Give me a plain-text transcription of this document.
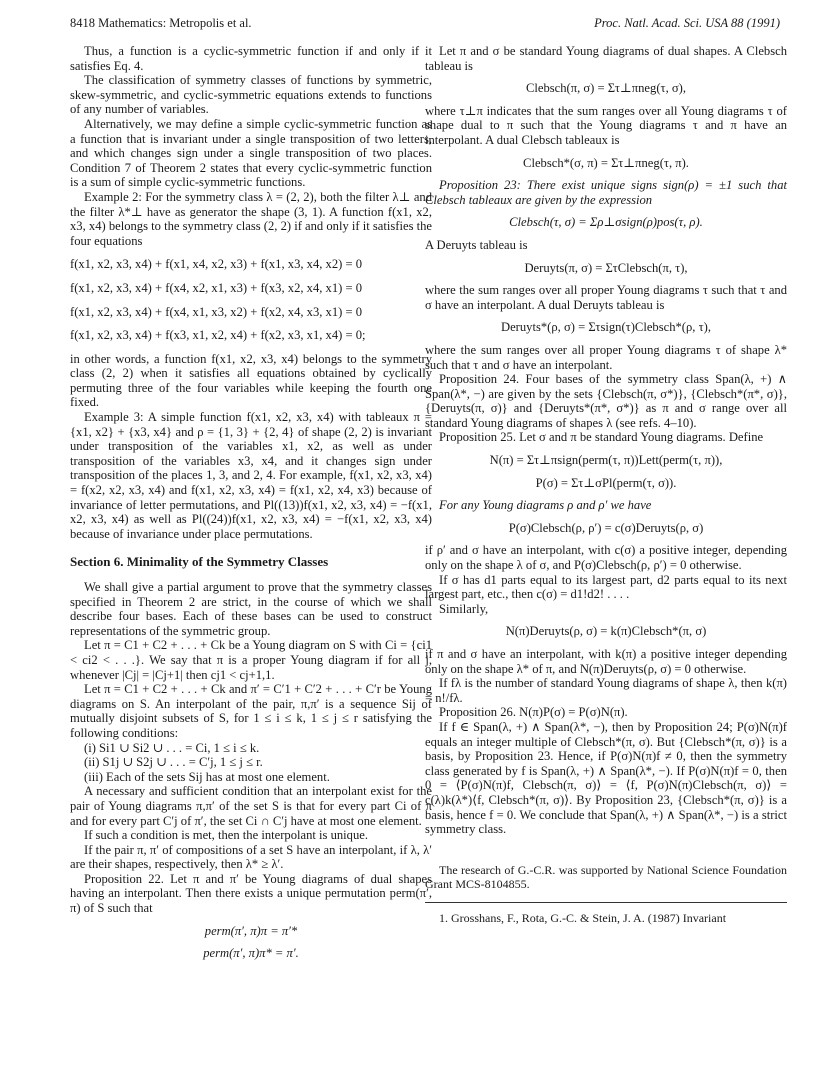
8418 Mathematics: Metropolis et al.	Proc. Natl. Acad. Sci. USA 88 (1991)

Thus, a function is a cyclic-symmetric function if and only if it satisfies Eq. 4.

The classification of symmetry classes of functions by symmetric, skew-symmetric, and cyclic-symmetric equations extends to functions of any number of variables.

Alternatively, we may define a simple cyclic-symmetric function as a function that is invariant under a single transposition of two letters, and which changes sign under a single transposition of two places. Condition 7 of Theorem 2 states that every cyclic-symmetric function is a sum of simple cyclic-symmetric functions.

Example 2: For the symmetry class λ = (2, 2), both the filter λ⊥ and the filter λ*⊥ have as generator the shape (3, 1). A function f(x1, x2, x3, x4) belongs to the symmetry class (2, 2) if and only if it satisfies the four equations

f(x1, x2, x3, x4) + f(x1, x4, x2, x3) + f(x1, x3, x4, x2) = 0

f(x1, x2, x3, x4) + f(x4, x2, x1, x3) + f(x3, x2, x4, x1) = 0

f(x1, x2, x3, x4) + f(x4, x1, x3, x2) + f(x2, x4, x3, x1) = 0

f(x1, x2, x3, x4) + f(x3, x1, x2, x4) + f(x2, x3, x1, x4) = 0;

in other words, a function f(x1, x2, x3, x4) belongs to the symmetry class (2, 2) when it satisfies all equations obtained by cyclically permuting three of the four variables while keeping the fourth one fixed.

Example 3: A simple function f(x1, x2, x3, x4) with tableaux π = {x1, x2} + {x3, x4} and ρ = {1, 3} + {2, 4} of shape (2, 2) is invariant under transposition of the variables x1, x2, as well as under transposition of the variables x3, x4, and it changes sign under transposition of the places 1, 3, and 2, 4. For example, f(x1, x2, x3, x4) = f(x2, x2, x3, x4) and f(x1, x2, x3, x4) = f(x1, x2, x4, x3) because of invariance of letter permutations, and Pl((13))f(x1, x2, x3, x4) = −f(x1, x2, x3, x4) as well as Pl((24))f(x1, x2, x3, x4) = −f(x1, x2, x3, x4) because of invariance under place permutations.

Section 6. Minimality of the Symmetry Classes

We shall give a partial argument to prove that the symmetry classes specified in Theorem 2 are strict, in the course of which we shall describe four bases. Each of these bases can be used to construct representations of the symmetric group.

Let π = C1 + C2 + . . . + Ck be a Young diagram on S with Ci = {ci1 < ci2 < . . .}. We say that π is a proper Young diagram if for all j, whenever |Cj| = |Cj+1| then cj1 < cj+1,1.

Let π = C1 + C2 + . . . + Ck and π′ = C′1 + C′2 + . . . + C′r be Young diagrams on S. An interpolant of the pair, π,π′ is a sequence Sij of mutually disjoint subsets of S, for 1 ≤ i ≤ k, 1 ≤ j ≤ r satisfying the following conditions:

(i) Si1 ∪ Si2 ∪ . . . = Ci, 1 ≤ i ≤ k.

(ii) S1j ∪ S2j ∪ . . . = C′j, 1 ≤ j ≤ r.

(iii) Each of the sets Sij has at most one element.

A necessary and sufficient condition that an interpolant exist for the pair of Young diagrams π,π′ of the set S is that for every part Ci of π and for every part C′j of π′, the set Ci ∩ C′j have at most one element.

If such a condition is met, then the interpolant is unique.

If the pair π, π′ of compositions of a set S have an interpolant, if λ, λ′ are their shapes, respectively, then λ* ≥ λ′.

Proposition 22. Let π and π′ be Young diagrams of dual shapes having an interpolant. Then there exists a unique permutation perm(π′, π) of S such that

perm(π′, π)π = π′*

perm(π′, π)π* = π′.

Let π and σ be standard Young diagrams of dual shapes. A Clebsch tableau is

Clebsch(π, σ) = Στ⊥πneg(τ, σ),

where τ⊥π indicates that the sum ranges over all Young diagrams τ of shape dual to π such that the Young diagrams τ and π have an interpolant. A dual Clebsch tableaux is

Clebsch*(σ, π) = Στ⊥πneg(τ, π).

Proposition 23: There exist unique signs sign(ρ) = ±1 such that Clebsch tableaux are given by the expression

Clebsch(τ, σ) = Σρ⊥σsign(ρ)pos(τ, ρ).

A Deruyts tableau is

Deruyts(π, σ) = ΣτClebsch(π, τ),

where the sum ranges over all proper Young diagrams τ such that τ and σ have an interpolant. A dual Deruyts tableau is

Deruyts*(ρ, σ) = Στsign(τ)Clebsch*(ρ, τ),

where the sum ranges over all proper Young diagrams τ of shape λ* such that τ and σ have an interpolant.

Proposition 24. Four bases of the symmetry class Span(λ, +) ∧ Span(λ*, −) are given by the sets {Clebsch(π, σ*)}, {Clebsch*(π*, σ)}, {Deruyts(π, σ)} and {Deruyts*(π*, σ*)} as π and σ range over all standard Young diagrams of shapes λ (see refs. 4–10).

Proposition 25. Let σ and π be standard Young diagrams. Define

N(π) = Στ⊥πsign(perm(τ, π))Lett(perm(τ, π)),

P(σ) = Στ⊥σPl(perm(τ, σ)).

For any Young diagrams ρ and ρ′ we have

P(σ)Clebsch(ρ, ρ′) = c(σ)Deruyts(ρ, σ)

if ρ′ and σ have an interpolant, with c(σ) a positive integer, depending only on the shape λ of σ, and P(σ)Clebsch(ρ, ρ′) = 0 otherwise.

If σ has d1 parts equal to its largest part, d2 parts equal to its next largest part, etc., then c(σ) = d1!d2! . . . .

Similarly,

N(π)Deruyts(ρ, σ) = k(π)Clebsch*(π, σ)

if π and σ have an interpolant, with k(π) a positive integer depending only on the shape λ* of π, and N(π)Deruyts(ρ, σ) = 0 otherwise.

If fλ is the number of standard Young diagrams of shape λ, then k(π) = n!/fλ.

Proposition 26. N(π)P(σ) = P(σ)N(π).

If f ∈ Span(λ, +) ∧ Span(λ*, −), then by Proposition 24; P(σ)N(π)f equals an integer multiple of Clebsch*(π, σ). But {Clebsch*(π, σ)} is a basis, by Proposition 23. Hence, if P(σ)N(π)f ≠ 0, then the symmetry class generated by f is Span(λ, +) ∧ Span(λ*, −). If P(σ)N(π)f = 0, then 0 = ⟨P(σ)N(π)f, Clebsch(π, σ)⟩ = ⟨f, P(σ)N(π)Clebsch(π, σ)⟩ = c(λ)k(λ*)⟨f, Clebsch*(π, σ)⟩. By Proposition 23, {Clebsch*(π, σ)} is a basis, hence f = 0. We conclude that Span(λ, +) ∧ Span(λ*, −) is a strict symmetry class.

The research of G.-C.R. was supported by National Science Foundation Grant MCS-8104855.

1. Grosshans, F., Rota, G.-C. & Stein, J. A. (1987) Invariant
